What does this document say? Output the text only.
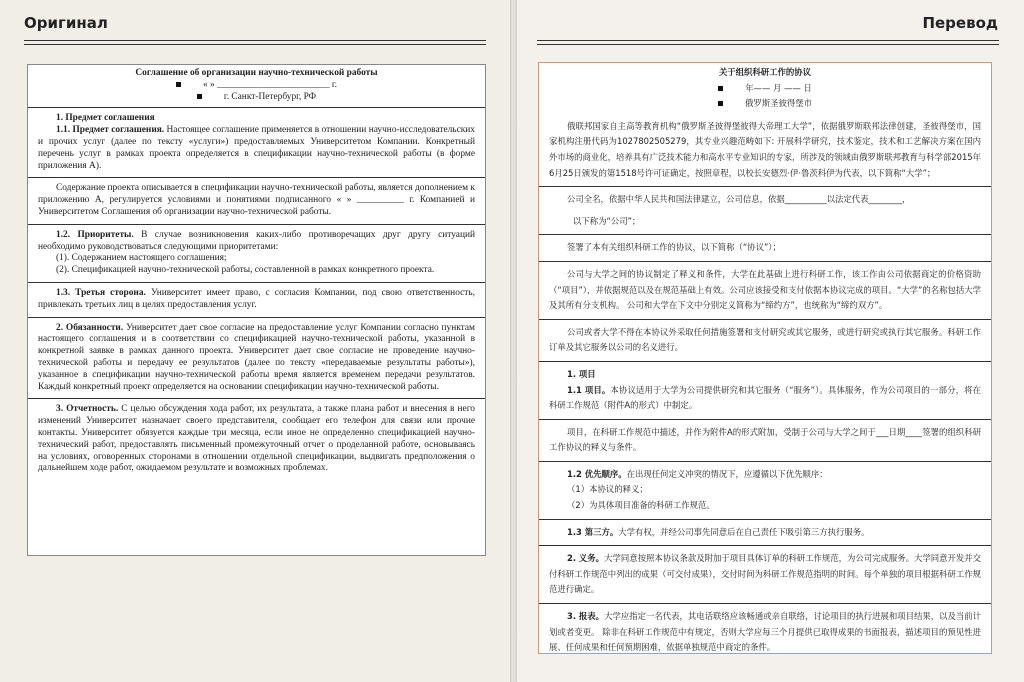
Оригинал

Соглашение об организации научно-технической работы

« » ________________________ г.

г. Санкт-Петербург, РФ

1. Предмет соглашения

1.1. Предмет соглашения. Настоящее соглашение применяется в отношении научно-исследовательских и прочих услуг (далее по тексту «услуги») предоставляемых Университетом Компании. Конкретный перечень услуг в рамках проекта определяется в спецификации научно-технической работы (в форме приложения А).

Содержание проекта описывается в спецификации научно-технической работы, является дополнением к приложению А, регулируется условиями и понятиями подписанного « » __________ г. Компанией и Университетом Соглашения об организации научно-технической работы.

1.2. Приоритеты. В случае возникновения каких-либо противоречащих друг другу ситуаций необходимо руководствоваться следующими приоритетами:

(1). Содержанием настоящего соглашения;

(2). Спецификацией научно-технической работы, составленной в рамках конкретного проекта.

1.3. Третья сторона. Университет имеет право, с согласия Компании, под свою ответственность, привлекать третьих лиц в целях предоставления услуг.

2. Обязанности. Университет дает свое согласие на предоставление услуг Компании согласно пунктам настоящего соглашения и в соответствии со спецификацией научно-технической работы, указанной в конкретной заявке в рамках данного проекта. Университет дает свое согласие не проведение научно-технической работы и передачу ее результатов (далее по тексту «передаваемые результаты работы»), указанное в спецификации научно-технической работы время является временем передачи результатов. Каждый конкретный проект определяется на основании спецификации научно-технической работы.

3. Отчетность. С целью обсуждения хода работ, их результата, а также плана работ и внесения в него изменений Университет назначает своего представителя, сообщает его телефон для связи или прочие контакты. Университет обязуется каждые три месяца, если иное не определенно спецификацией научно-технический работ, предоставлять письменный промежуточный отчет о проделанной работе, основываясь на условиях, оговоренных сторонами в отношении отдельной спецификации, выдвигать предположения о дальнейшем ходе работ, ожидаемом результате и возможных проблемах.

Перевод

关于组织科研工作的协议

年—— 月 —— 日

俄罗斯圣彼得堡市

俄联邦国家自主高等教育机构“俄罗斯圣彼得堡彼得大帝理工大学”，依据俄罗斯联邦法律创建，圣彼得堡市，国家机构注册代码为1027802505279，其专业兴趣范畴如下: 开展科学研究，技术鉴定，技术和工艺解决方案在国内外市场的商业化，培养具有广泛技术能力和高水平专业知识的专家，所涉及的领域由俄罗斯联邦教育与科学部2015年6月25日颁发的第1518号许可证确定，按照章程，以校长安德烈·伊·鲁茨科伊为代表，以下简称“大学”；

公司全名，依据中华人民共和国法律建立，公司信息，依据__________以法定代表________，

以下称为“公司”；

签署了本有关组织科研工作的协议，以下简称（“协议”）；

公司与大学之间的协议制定了释义和条件，大学在此基础上进行科研工作，该工作由公司依据商定的价格资助（“项目”），并依据规范以及在规范基础上有效。公司应该接受和支付依据本协议完成的项目。“大学”的名称包括大学及其所有分支机构。 公司和大学在下文中分别定义简称为“缔约方”，也统称为“缔约双方”。

公司或者大学不得在本协议外采取任何措施签署和支付研究或其它服务，或进行研究或执行其它服务。科研工作订单及其它服务以公司的名义进行。

1. 项目

1.1 项目。本协议适用于大学为公司提供研究和其它服务（“服务”）。具体服务，作为公司项目的一部分，将在科研工作规范（附件A的形式）中制定。

项目，在科研工作规范中描述，并作为附件A的形式附加，受制于公司与大学之间于___日期____签署的组织科研工作协议的释义与条件。

1.2 优先顺序。在出现任何定义冲突的情况下，应遵循以下优先顺序：

（1）本协议的释义；

（2）为具体项目准备的科研工作规范。

1.3 第三方。大学有权，并经公司事先同意后在自己责任下吸引第三方执行服务。

2. 义务。大学同意按照本协议条款及附加于项目具体订单的科研工作规范，为公司完成服务。大学同意开发并交付科研工作规范中列出的成果（可交付成果），交付时间为科研工作规范指明的时间。每个单独的项目根据科研工作规范进行确定。

3. 报表。大学应指定一名代表，其电话联络应该畅通或亲自联络，讨论项目的执行进展和项目结果，以及当前计划或者变更。 除非在科研工作规范中有规定，否则大学应每三个月提供已取得成果的书面报表，描述项目的预见性进展、任何成果和任何预期困难，依据单独规范中商定的条件。
